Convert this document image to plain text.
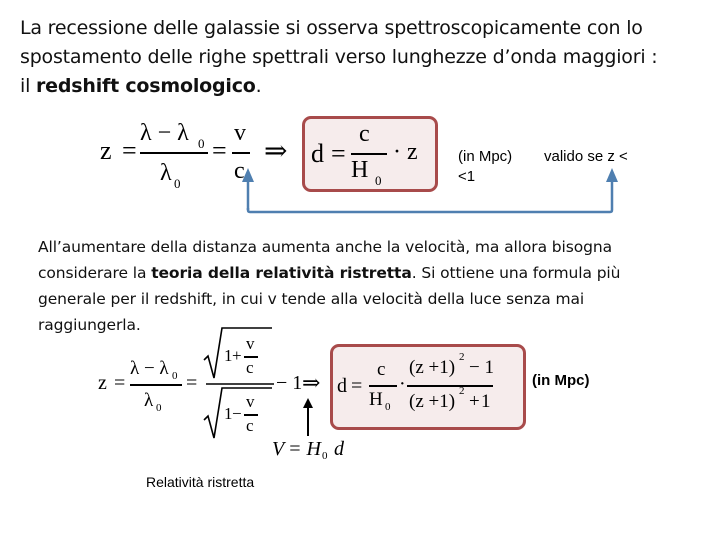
La recessione delle galassie si osserva spettroscopicamente con lo
spostamento delle righe spettrali verso lunghezze d’onda maggiori :
il redshift cosmologico.
z =
λ − λ 0
λ 0
=
v
c
⇒ d =
c
H 0
· z	(in Mpc)
<1
valido se z <
All’aumentare della distanza aumenta anche la velocità, ma allora bisogna
considerare la teoria della relatività ristretta. Si ottiene una formula più
generale per il redshift, in cui v tende alla velocità della luce senza mai
raggiungerla.
z =
λ − λ 0
λ 0
=
1 +
v
c
1 −
v
c
− 1 ⇒ d =
c
H 0
·
(z +1) 2 − 1
(z +1) 2 + 1
(in Mpc)
V = H 0 d
Relatività ristretta
